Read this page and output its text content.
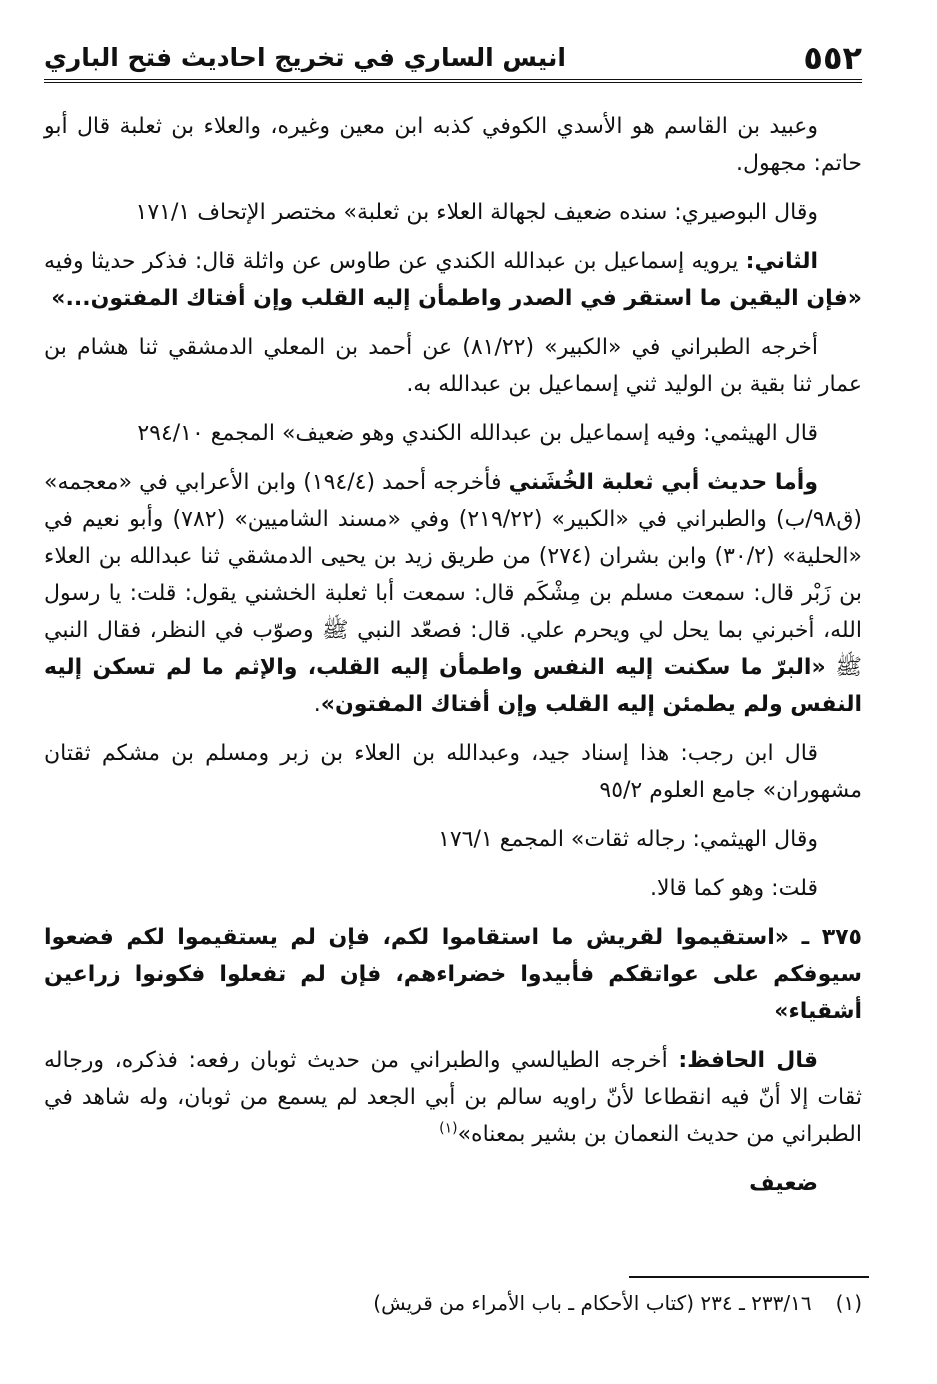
٥٥٢
انيس الساري في تخريج احاديث فتح الباري

وعبيد بن القاسم هو الأسدي الكوفي كذبه ابن معين وغيره، والعلاء بن ثعلبة قال أبو حاتم: مجهول.

وقال البوصيري: سنده ضعيف لجهالة العلاء بن ثعلبة» مختصر الإتحاف ١٧١/١

الثاني: يرويه إسماعيل بن عبدالله الكندي عن طاوس عن واثلة قال: فذكر حديثا وفيه «فإن اليقين ما استقر في الصدر واطمأن إليه القلب وإن أفتاك المفتون...»

أخرجه الطبراني في «الكبير» (٨١/٢٢) عن أحمد بن المعلي الدمشقي ثنا هشام بن عمار ثنا بقية بن الوليد ثني إسماعيل بن عبدالله به.

قال الهيثمي: وفيه إسماعيل بن عبدالله الكندي وهو ضعيف» المجمع ٢٩٤/١٠

وأما حديث أبي ثعلبة الخُشَني فأخرجه أحمد (١٩٤/٤) وابن الأعرابي في «معجمه» (ق٩٨/ب) والطبراني في «الكبير» (٢١٩/٢٢) وفي «مسند الشاميين» (٧٨٢) وأبو نعيم في «الحلية» (٣٠/٢) وابن بشران (٢٧٤) من طريق زيد بن يحيى الدمشقي ثنا عبدالله بن العلاء بن زَبْر قال: سمعت مسلم بن مِشْكَم قال: سمعت أبا ثعلبة الخشني يقول: قلت: يا رسول الله، أخبرني بما يحل لي ويحرم علي. قال: فصعّد النبي ﷺ وصوّب في النظر، فقال النبي ﷺ «البرّ ما سكنت إليه النفس واطمأن إليه القلب، والإثم ما لم تسكن إليه النفس ولم يطمئن إليه القلب وإن أفتاك المفتون».

قال ابن رجب: هذا إسناد جيد، وعبدالله بن العلاء بن زبر ومسلم بن مشكم ثقتان مشهوران» جامع العلوم ٩٥/٢

وقال الهيثمي: رجاله ثقات» المجمع ١٧٦/١

قلت: وهو كما قالا.

٣٧٥ ـ «استقيموا لقريش ما استقاموا لكم، فإن لم يستقيموا لكم فضعوا سيوفكم على عواتقكم فأبيدوا خضراءهم، فإن لم تفعلوا فكونوا زراعين أشقياء»

قال الحافظ: أخرجه الطيالسي والطبراني من حديث ثوبان رفعه: فذكره، ورجاله ثقات إلا أنّ فيه انقطاعا لأنّ راويه سالم بن أبي الجعد لم يسمع من ثوبان، وله شاهد في الطبراني من حديث النعمان بن بشير بمعناه»$^{(١)}$

ضعيف

(١)٢٣٣/١٦ ـ ٢٣٤ (كتاب الأحكام ـ باب الأمراء من قريش)
